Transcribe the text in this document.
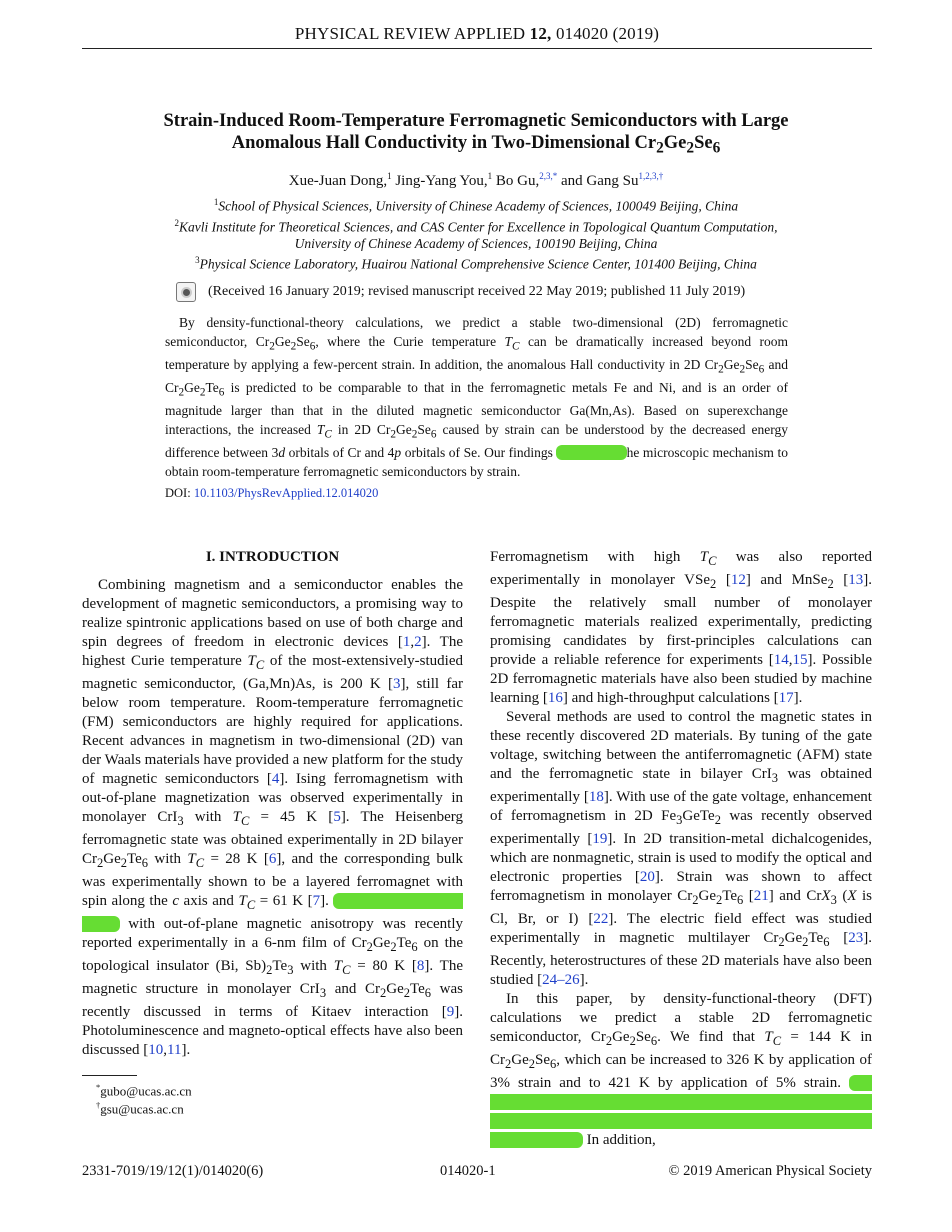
PHYSICAL REVIEW APPLIED 12, 014020 (2019)
Strain-Induced Room-Temperature Ferromagnetic Semiconductors with Large
Anomalous Hall Conductivity in Two-Dimensional $Cr_2Ge_2Se_6$
Xue-Juan Dong,$^1$ Jing-Yang You,$^1$ Bo Gu,$^{2,3,*}$ and Gang Su$^{1,2,3,\dagger}$
$^1$School of Physical Sciences, University of Chinese Academy of Sciences, 100049 Beijing, China
$^2$Kavli Institute for Theoretical Sciences, and CAS Center for Excellence in Topological Quantum Computation,
University of Chinese Academy of Sciences, 100190 Beijing, China
$^3$Physical Science Laboratory, Huairou National Comprehensive Science Center, 101400 Beijing, China
(Received 16 January 2019; revised manuscript received 22 May 2019; published 11 July 2019)
By density-functional-theory calculations, we predict a stable two-dimensional (2D) ferromagnetic semiconductor, $Cr_2Ge_2Se_6$, where the Curie temperature $T_C$ can be dramatically increased beyond room temperature by applying a few-percent strain. In addition, the anomalous Hall conductivity in 2D $Cr_2Ge_2Se_6$ and $Cr_2Ge_2Te_6$ is predicted to be comparable to that in the ferromagnetic metals Fe and Ni, and is an order of magnitude larger than that in the diluted magnetic semiconductor Ga(Mn,As). Based on superexchange interactions, the increased $T_C$ in 2D $Cr_2Ge_2Se_6$ caused by strain can be understood by the decreased energy difference between 3d orbitals of Cr and 4p orbitals of Se. Our findings	he microscopic mechanism to obtain room-temperature ferromagnetic semiconductors by strain.
DOI: 10.1103/PhysRevApplied.12.014020
I. INTRODUCTION

Combining magnetism and a semiconductor enables the development of magnetic semiconductors, a promising way to realize spintronic applications based on use of both charge and spin degrees of freedom in electronic devices [1,2]. The highest Curie temperature $T_C$ of the most-extensively-studied magnetic semiconductor, (Ga,Mn)As, is 200 K [3], still far below room temperature. Room-temperature ferromagnetic (FM) semiconductors are highly required for applications. Recent advances in magnetism in two-dimensional (2D) van der Waals materials have provided a new platform for the study of magnetic semiconductors [4]. Ising ferromagnetism with out-of-plane magnetization was observed experimentally in monolayer CrI$_3$ with $T_C = 45$ K [5]. The Heisenberg ferromagnetic state was obtained experimentally in 2D bilayer $Cr_2Ge_2Te_6$ with $T_C = 28$ K [6], and the corresponding bulk was experimentally shown to be a layered ferromagnet with spin along the c axis and $T_C = 61$ K [7]. with out-of-plane magnetic anisotropy was recently reported experimentally in a 6-nm film of $Cr_2Ge_2Te_6$ on the topological insulator (Bi, $Sb)_2Te_3$ with $T_C = 80$ K [8]. The magnetic structure in monolayer CrI$_3$ and $Cr_2Ge_2Te_6$ was recently discussed in terms of Kitaev interaction [9]. Photoluminescence and magneto-optical effects have also been discussed [10,11].

Ferromagnetism with high $T_C$ was also reported experimentally in monolayer VSe$_2$ [12] and MnSe$_2$ [13]. Despite the relatively small number of monolayer ferromagnetic materials realized experimentally, predicting promising candidates by first-principles calculations can provide a reliable reference for experiments [14,15]. Possible 2D ferromagnetic materials have also been studied by machine learning [16] and high-throughput calculations [17].

Several methods are used to control the magnetic states in these recently discovered 2D materials. By tuning of the gate voltage, switching between the antiferromagnetic (AFM) state and the ferromagnetic state in bilayer CrI$_3$ was obtained experimentally [18]. With use of the gate voltage, enhancement of ferromagnetism in 2D $Fe_3GeTe_2$ was recently observed experimentally [19]. In 2D transition-metal dichalcogenides, which are nonmagnetic, strain is used to modify the optical and electronic properties [20]. Strain was shown to affect ferromagnetism in monolayer $Cr_2Ge_2Te_6$ [21] and CrX$_3$ (X is Cl, Br, or I) [22]. The electric field effect was studied experimentally in magnetic multilayer $Cr_2Ge_2Te_6$ [23]. Recently, heterostructures of these 2D materials have also been studied [24–26].

In this paper, by density-functional-theory (DFT) calculations we predict a stable 2D ferromagnetic semiconductor, $Cr_2Ge_2Se_6$. We find that $T_C = 144$ K in $Cr_2Ge_2Se_6$, which can be increased to 326 K by application of 3% strain and to 421 K by application of 5% strain. In addition,

*gubo@ucas.ac.cn
†gsu@ucas.ac.cn
2331-7019/19/12(1)/014020(6)	014020-1	© 2019 American Physical Society
